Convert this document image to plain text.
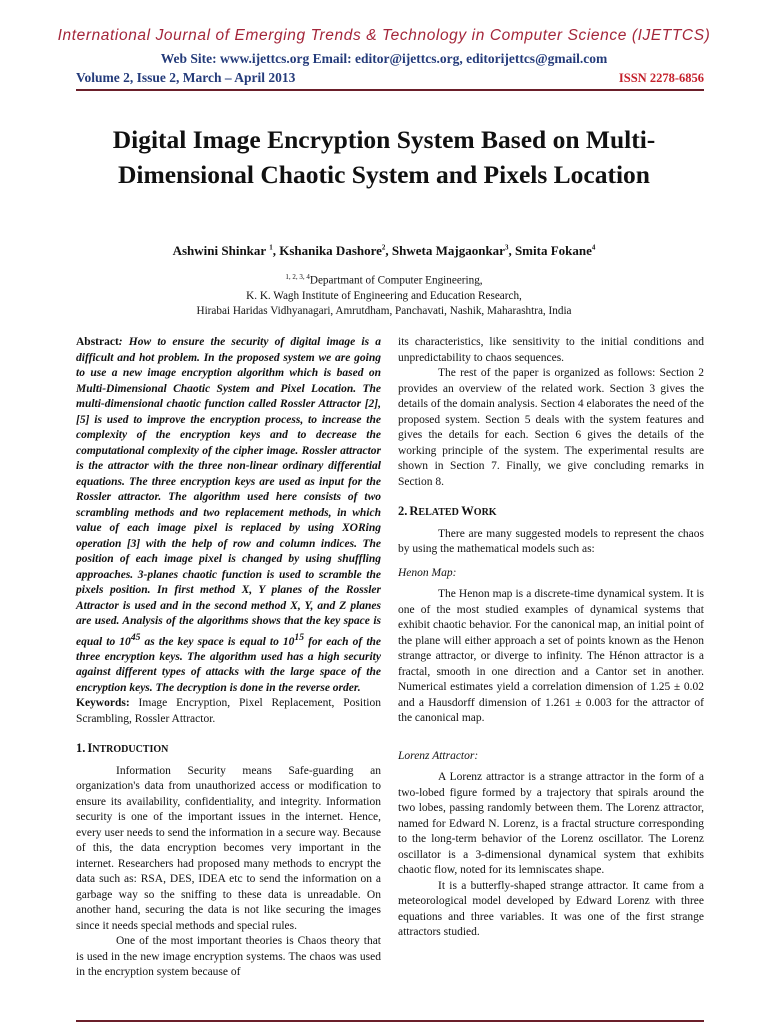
International Journal of Emerging Trends & Technology in Computer Science (IJETTCS)
Web Site: www.ijettcs.org Email: editor@ijettcs.org, editorijettcs@gmail.com
Volume 2, Issue 2, March – April 2013	ISSN 2278-6856
Digital Image Encryption System Based on Multi-Dimensional Chaotic System and Pixels Location
Ashwini Shinkar $^1$, Kshanika Dashore$^2$, Shweta Majgaonkar$^3$, Smita Fokane$^4$
$^{1, 2, 3, 4}$Departmant of Computer Engineering,
K. K. Wagh Institute of Engineering and Education Research,
Hirabai Haridas Vidhyanagari, Amrutdham, Panchavati, Nashik, Maharashtra, India

Abstract: How to ensure the security of digital image is a difficult and hot problem. In the proposed system we are going to use a new image encryption algorithm which is based on Multi-Dimensional Chaotic System and Pixel Location. The multi-dimensional chaotic function called Rossler Attractor [2], [5] is used to improve the encryption process, to increase the complexity of the encryption keys and to decrease the computational complexity of the cipher image. Rossler attractor is the attractor with the three non-linear ordinary differential equations. The three encryption keys are used as input for the Rossler attractor. The algorithm used here consists of two scrambling methods and two replacement methods, in which value of each image pixel is replaced by using XORing operation [3] with the help of row and column indices. The position of each image pixel is changed by using shuffling approaches. 3-planes chaotic function is used to scramble the pixels position. In first method X, Y planes of the Rossler Attractor is used and in the second method X, Y, and Z planes are used. Analysis of the algorithms shows that the key space is equal to $10^{45}$ as the key space is equal to $10^{15}$ for each of the three encryption keys. The algorithm used has a high security against different types of attacks with the large space of the encryption keys. The decryption is done in the reverse order.

Keywords: Image Encryption, Pixel Replacement, Position Scrambling, Rossler Attractor.

1. INTRODUCTION

Information Security means Safe-guarding an organization's data from unauthorized access or modification to ensure its availability, confidentiality, and integrity. Information security is one of the important issues in the internet. Hence, every user needs to send the information in a secure way. Because of this, the data encryption becomes very important in the internet. Researchers had proposed many methods to encrypt the data such as: RSA, DES, IDEA etc to send the information on a garbage way so the sniffing to these data is unreadable. On another hand, securing the data is not like securing the images since it needs special methods and special rules.

One of the most important theories is Chaos theory that is used in the new image encryption systems. The chaos was used in the encryption system because of

its characteristics, like sensitivity to the initial conditions and unpredictability to chaos sequences.

The rest of the paper is organized as follows: Section 2 provides an overview of the related work. Section 3 gives the details of the domain analysis. Section 4 elaborates the need of the proposed system. Section 5 deals with the system features and gives the details for each. Section 6 gives the details of the working principle of the system. The experimental results are shown in Section 7. Finally, we give concluding remarks in Section 8.

2. RELATED WORK

There are many suggested models to represent the chaos by using the mathematical models such as:

Henon Map:

The Henon map is a discrete-time dynamical system. It is one of the most studied examples of dynamical systems that exhibit chaotic behavior. For the canonical map, an initial point of the plane will either approach a set of points known as the Henon strange attractor, or diverge to infinity. The Hénon attractor is a fractal, smooth in one direction and a Cantor set in another. Numerical estimates yield a correlation dimension of 1.25 ± 0.02 and a Hausdorff dimension of 1.261 ± 0.003 for the attractor of the canonical map.

Lorenz Attractor:

A Lorenz attractor is a strange attractor in the form of a two-lobed figure formed by a trajectory that spirals around the two lobes, passing randomly between them. The Lorenz attractor, named for Edward N. Lorenz, is a fractal structure corresponding to the long-term behavior of the Lorenz oscillator. The Lorenz oscillator is a 3-dimensional dynamical system that exhibits chaotic flow, noted for its lemniscates shape.

It is a butterfly-shaped strange attractor. It came from a meteorological model developed by Edward Lorenz with three equations and three variables. It was one of the first strange attractors studied.
